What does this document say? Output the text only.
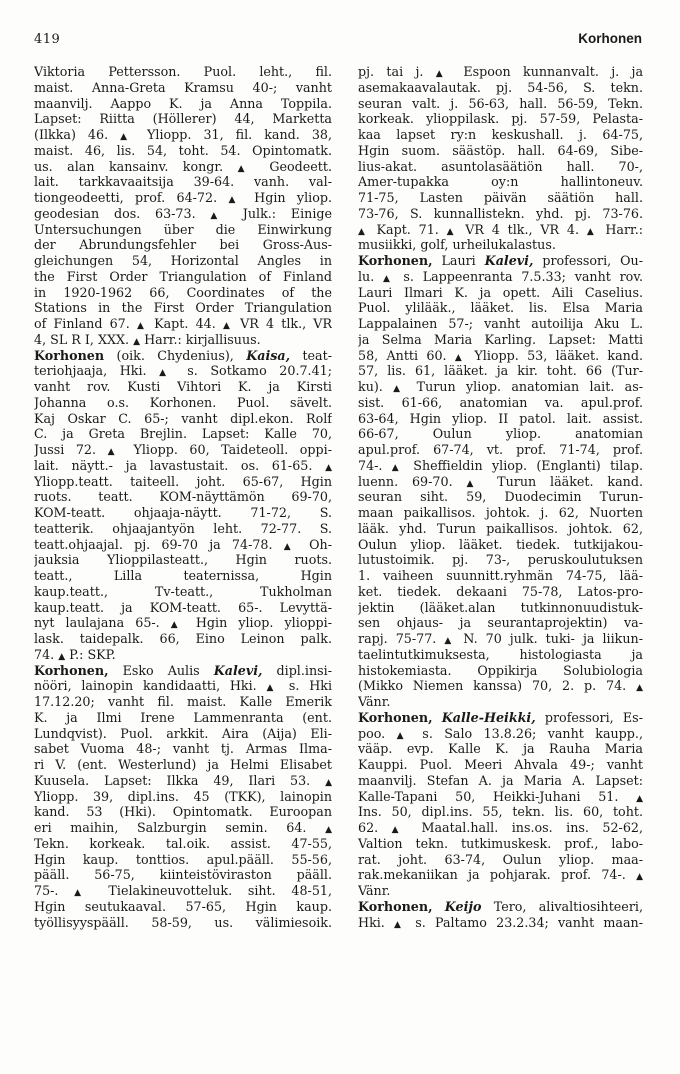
419	Korhonen
Viktoria Pettersson. Puol. leht., fil.
maist. Anna-Greta Kramsu 40-; vanht
maanvilj. Aappo K. ja Anna Toppila.
Lapset: Riitta (Höllerer) 44, Marketta
(Ilkka) 46. ▲ Yliopp. 31, fil. kand. 38,
maist. 46, lis. 54, toht. 54. Opintomatk.
us. alan kansainv. kongr. ▲ Geodeett.
lait. tarkkavaaitsija 39-64. vanh. val-
tiongeodeetti, prof. 64-72. ▲ Hgin yliop.
geodesian dos. 63-73. ▲ Julk.: Einige
Untersuchungen über die Einwirkung
der Abrundungsfehler bei Gross-Aus-
gleichungen 54, Horizontal Angles in
the First Order Triangulation of Finland
in 1920-1962 66, Coordinates of the
Stations in the First Order Triangulation
of Finland 67. ▲ Kapt. 44. ▲ VR 4 tlk., VR
4, SL R I, XXX. ▲ Harr.: kirjallisuus.
Korhonen (oik. Chydenius), Kaisa, teat-
teriohjaaja, Hki. ▲ s. Sotkamo 20.7.41;
vanht rov. Kusti Vihtori K. ja Kirsti
Johanna o.s. Korhonen. Puol. sävelt.
Kaj Oskar C. 65-; vanht dipl.ekon. Rolf
C. ja Greta Brejlin. Lapset: Kalle 70,
Jussi 72. ▲ Yliopp. 60, Taideteoll. oppi-
lait. näytt.- ja lavastustait. os. 61-65. ▲
Yliopp.teatt. taiteell. joht. 65-67, Hgin
ruots. teatt. KOM-näyttämön 69-70,
KOM-teatt. ohjaaja-näytt. 71-72, S.
teatterik. ohjaajantyön leht. 72-77. S.
teatt.ohjaajal. pj. 69-70 ja 74-78. ▲ Oh-
jauksia Ylioppilasteatt., Hgin ruots.
teatt., Lilla teaternissa, Hgin
kaup.teatt., Tv-teatt., Tukholman
kaup.teatt. ja KOM-teatt. 65-. Levyttä-
nyt laulajana 65-. ▲ Hgin yliop. ylioppi-
lask. taidepalk. 66, Eino Leinon palk.
74. ▲ P.: SKP.
Korhonen, Esko Aulis Kalevi, dipl.insi-
nööri, lainopin kandidaatti, Hki. ▲ s. Hki
17.12.20; vanht fil. maist. Kalle Emerik
K. ja Ilmi Irene Lammenranta (ent.
Lundqvist). Puol. arkkit. Aira (Aija) Eli-
sabet Vuoma 48-; vanht tj. Armas Ilma-
ri V. (ent. Westerlund) ja Helmi Elisabet
Kuusela. Lapset: Ilkka 49, Ilari 53. ▲
Yliopp. 39, dipl.ins. 45 (TKK), lainopin
kand. 53 (Hki). Opintomatk. Euroopan
eri maihin, Salzburgin semin. 64. ▲
Tekn. korkeak. tal.oik. assist. 47-55,
Hgin kaup. tonttios. apul.pääll. 55-56,
pääll. 56-75, kiinteistöviraston pääll.
75-. ▲ Tielakineuvotteluk. siht. 48-51,
Hgin seutukaaval. 57-65, Hgin kaup.
työllisyyspääll. 58-59, us. välimiesoik.
pj. tai j. ▲ Espoon kunnanvalt. j. ja
asemakaavalautak. pj. 54-56, S. tekn.
seuran valt. j. 56-63, hall. 56-59, Tekn.
korkeak. ylioppilask. pj. 57-59, Pelasta-
kaa lapset ry:n keskushall. j. 64-75,
Hgin suom. säästöp. hall. 64-69, Sibe-
lius-akat. asuntolasäätiön hall. 70-,
Amer-tupakka oy:n hallintoneuv.
71-75, Lasten päivän säätiön hall.
73-76, S. kunnallistekn. yhd. pj. 73-76.
▲ Kapt. 71. ▲ VR 4 tlk., VR 4. ▲ Harr.:
musiikki, golf, urheilukalastus.
Korhonen, Lauri Kalevi, professori, Ou-
lu. ▲ s. Lappeenranta 7.5.33; vanht rov.
Lauri Ilmari K. ja opett. Aili Caselius.
Puol. ylilääk., lääket. lis. Elsa Maria
Lappalainen 57-; vanht autoilija Aku L.
ja Selma Maria Karling. Lapset: Matti
58, Antti 60. ▲ Yliopp. 53, lääket. kand.
57, lis. 61, lääket. ja kir. toht. 66 (Tur-
ku). ▲ Turun yliop. anatomian lait. as-
sist. 61-66, anatomian va. apul.prof.
63-64, Hgin yliop. II patol. lait. assist.
66-67, Oulun yliop. anatomian
apul.prof. 67-74, vt. prof. 71-74, prof.
74-. ▲ Sheffieldin yliop. (Englanti) tilap.
luenn. 69-70. ▲ Turun lääket. kand.
seuran siht. 59, Duodecimin Turun-
maan paikallisos. johtok. j. 62, Nuorten
lääk. yhd. Turun paikallisos. johtok. 62,
Oulun yliop. lääket. tiedek. tutkijakou-
lutustoimik. pj. 73-, peruskoulutuksen
1. vaiheen suunnitt.ryhmän 74-75, lää-
ket. tiedek. dekaani 75-78, Latos-pro-
jektin (lääket.alan tutkinnonuudistuk-
sen ohjaus- ja seurantaprojektin) va-
rapj. 75-77. ▲ N. 70 julk. tuki- ja liikun-
taelintutkimuksesta, histologiasta ja
histokemiasta. Oppikirja Solubiologia
(Mikko Niemen kanssa) 70, 2. p. 74. ▲
Vänr.
Korhonen, Kalle-Heikki, professori, Es-
poo. ▲ s. Salo 13.8.26; vanht kaupp.,
vääp. evp. Kalle K. ja Rauha Maria
Kauppi. Puol. Meeri Ahvala 49-; vanht
maanvilj. Stefan A. ja Maria A. Lapset:
Kalle-Tapani 50, Heikki-Juhani 51. ▲
Ins. 50, dipl.ins. 55, tekn. lis. 60, toht.
62. ▲ Maatal.hall. ins.os. ins. 52-62,
Valtion tekn. tutkimuskesk. prof., labo-
rat. joht. 63-74, Oulun yliop. maa-
rak.mekaniikan ja pohjarak. prof. 74-. ▲
Vänr.
Korhonen, Keijo Tero, alivaltiosihteeri,
Hki. ▲ s. Paltamo 23.2.34; vanht maan-
